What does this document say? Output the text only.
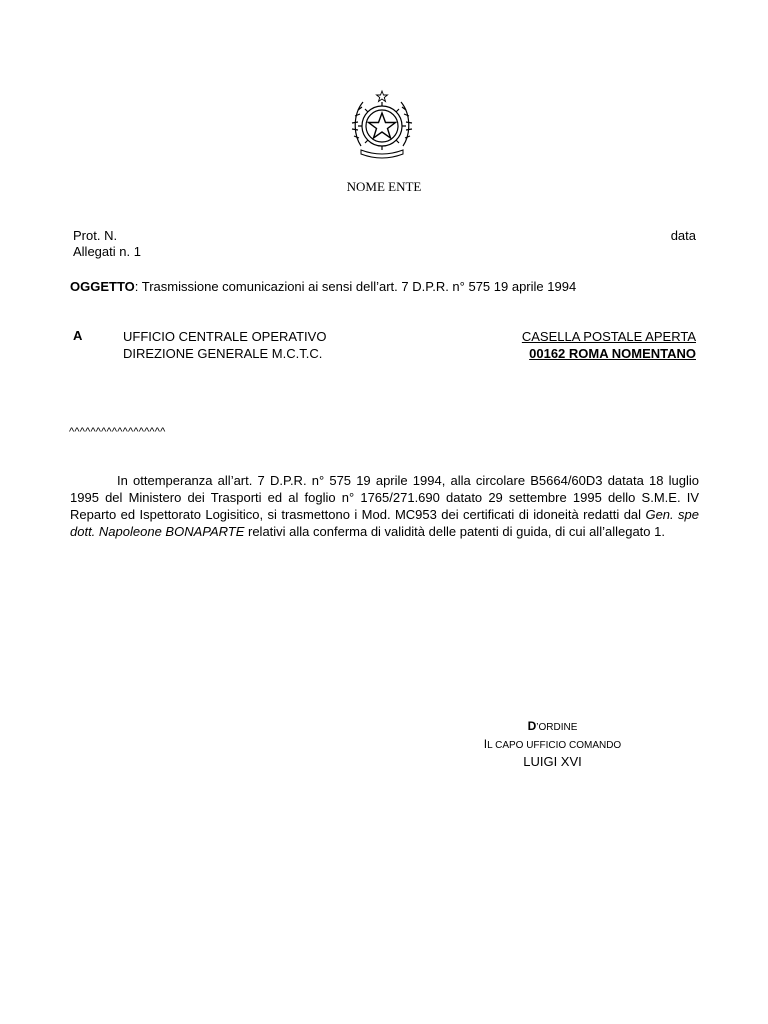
NOME ENTE
Prot. N.
Allegati n. 1
data
OGGETTO: Trasmissione comunicazioni ai sensi dell’art. 7 D.P.R. n° 575 19 aprile 1994
A	UFFICIO CENTRALE OPERATIVO
DIREZIONE GENERALE M.C.T.C.
CASELLA POSTALE APERTA
00162 ROMA NOMENTANO
^^^^^^^^^^^^^^^^^^
In ottemperanza all’art. 7 D.P.R. n° 575 19 aprile 1994, alla circolare B5664/60D3 datata 18 luglio 1995 del Ministero dei Trasporti ed al foglio n° 1765/271.690 datato 29 settembre 1995 dello S.M.E. IV Reparto ed Ispettorato Logisitico, si trasmettono i Mod. MC953 dei certificati di idoneità redatti dal Gen. spe dott. Napoleone BONAPARTE relativi alla conferma di validità delle patenti di guida, di cui all’allegato 1.
D’ORDINE
IL CAPO UFFICIO COMANDO
LUIGI XVI
